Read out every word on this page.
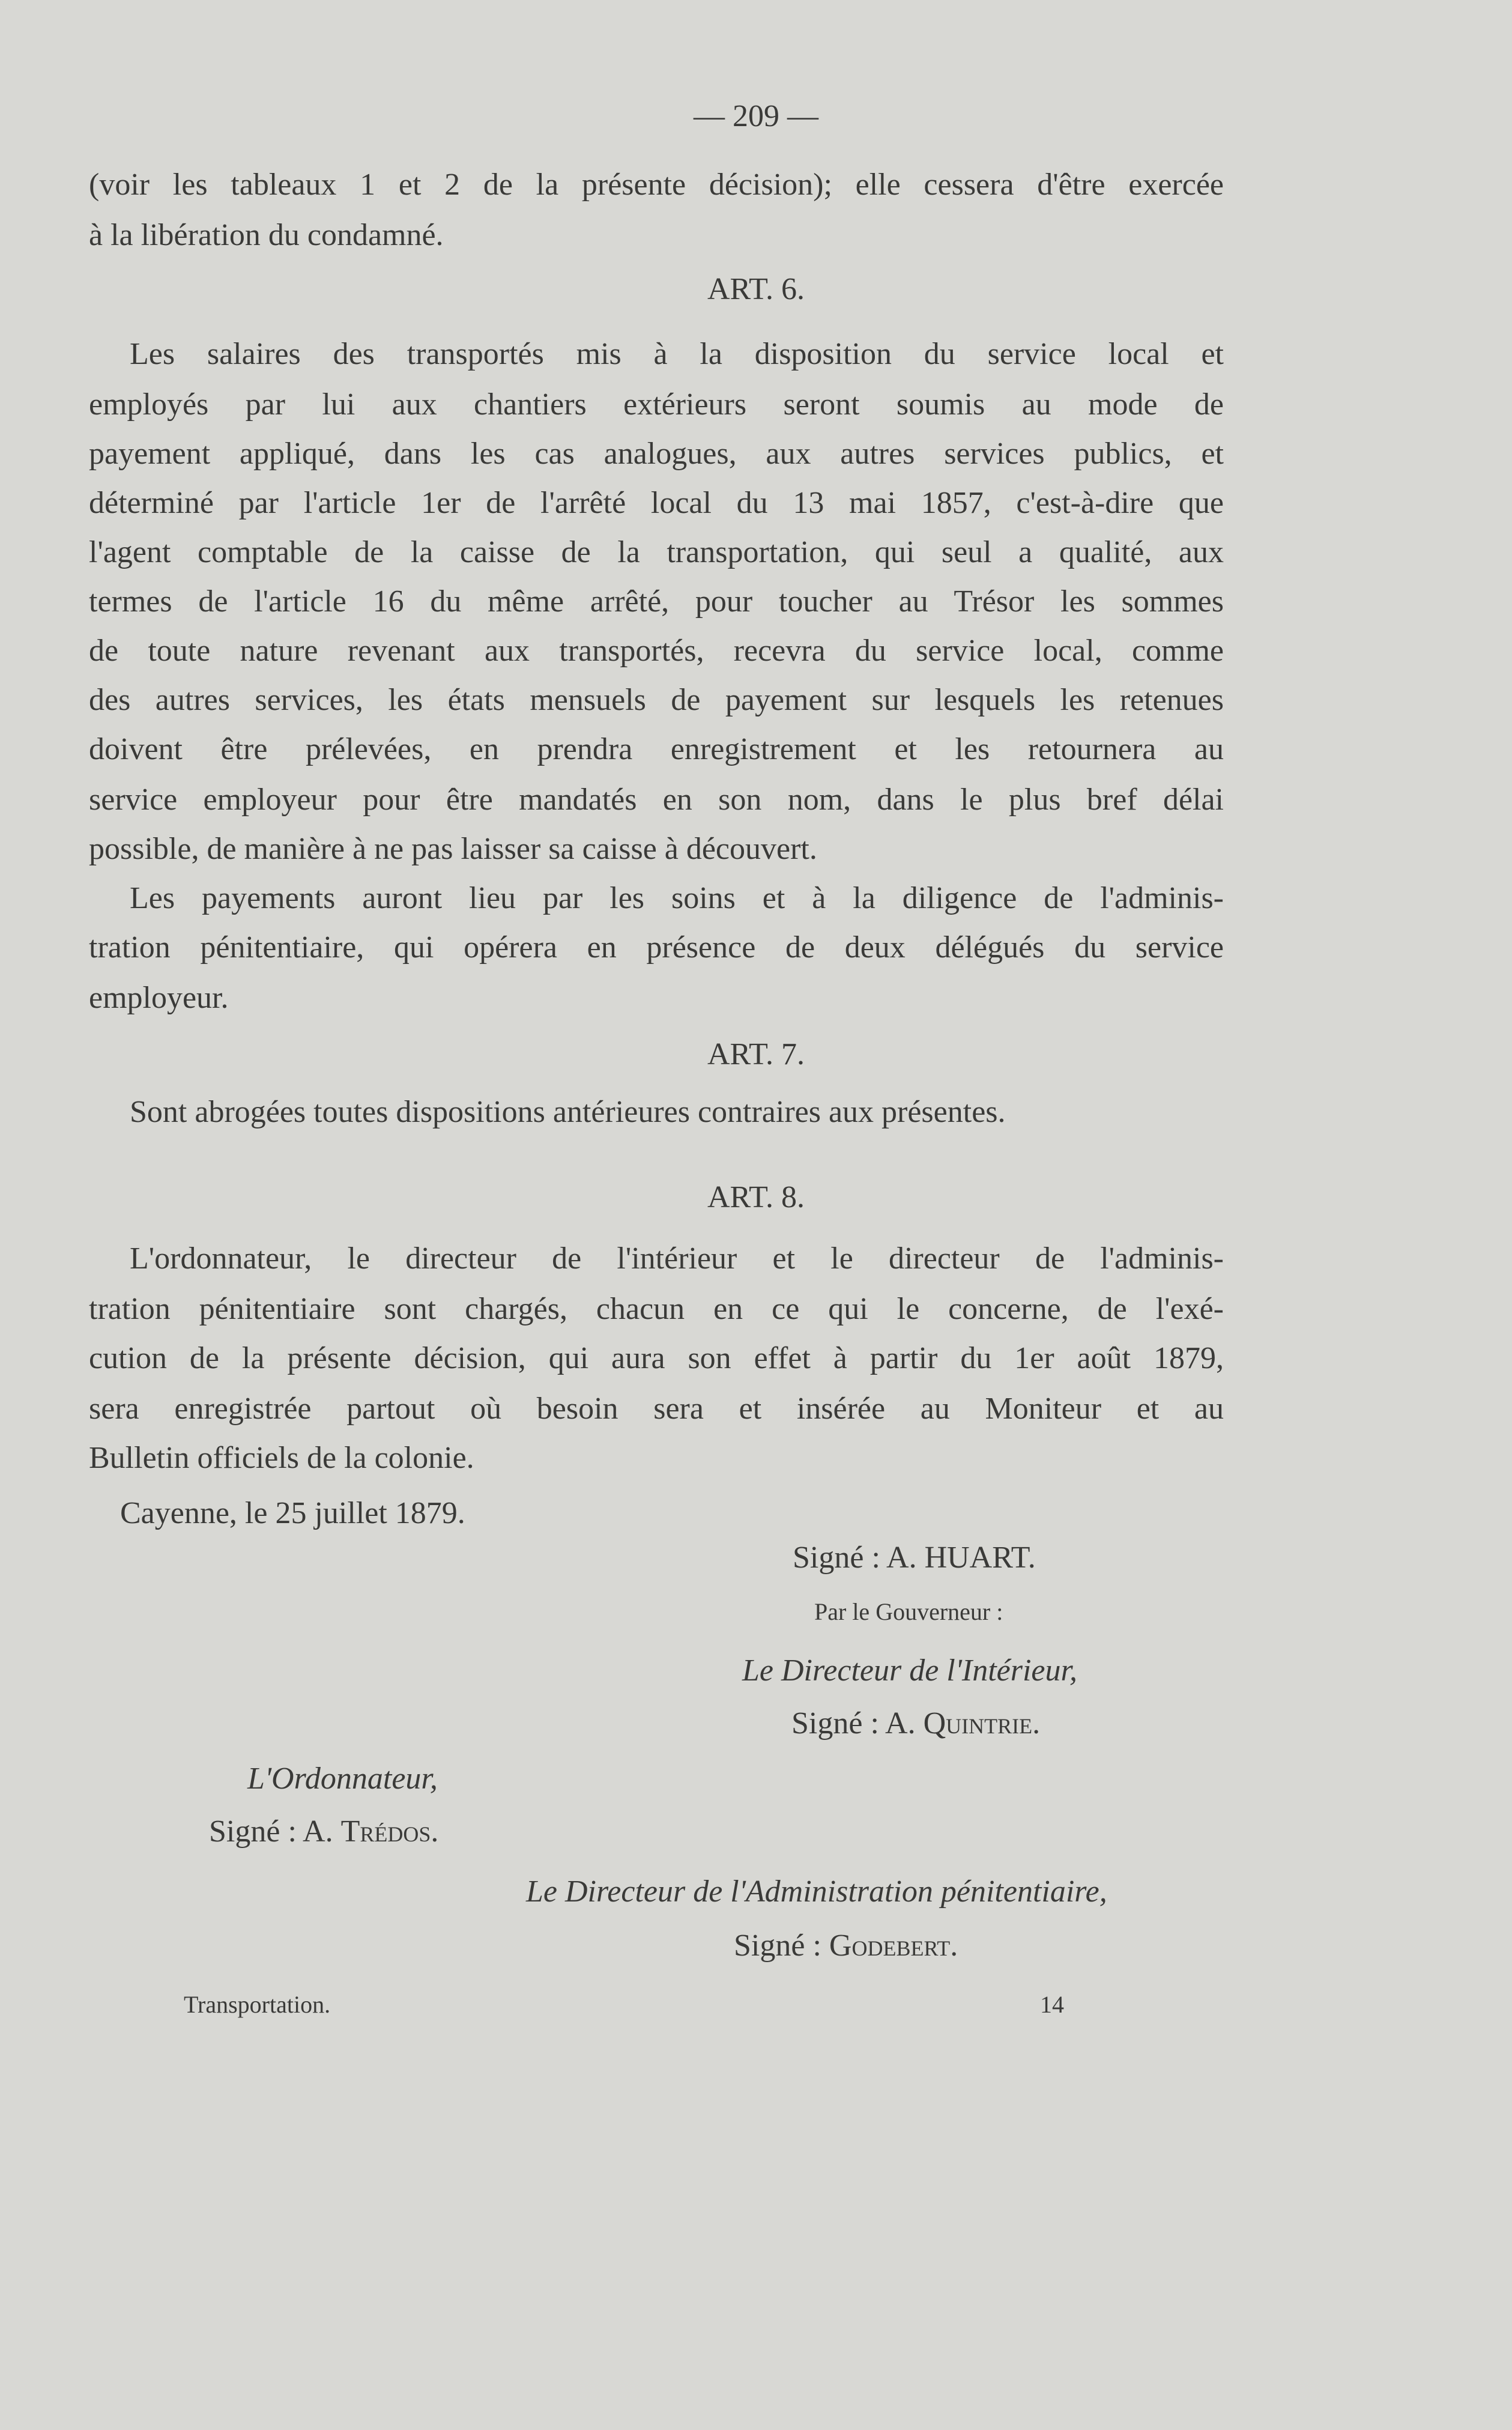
— 209 —

(voir les tableaux 1 et 2 de la présente décision); elle cessera d'être exercée

à la libération du condamné.

ART. 6.

Les salaires des transportés mis à la disposition du service local et

employés par lui aux chantiers extérieurs seront soumis au mode de

payement appliqué, dans les cas analogues, aux autres services publics, et

déterminé par l'article 1er de l'arrêté local du 13 mai 1857, c'est-à-dire que

l'agent comptable de la caisse de la transportation, qui seul a qualité, aux

termes de l'article 16 du même arrêté, pour toucher au Trésor les sommes

de toute nature revenant aux transportés, recevra du service local, comme

des autres services, les états mensuels de payement sur lesquels les retenues

doivent être prélevées, en prendra enregistrement et les retournera au

service employeur pour être mandatés en son nom, dans le plus bref délai

possible, de manière à ne pas laisser sa caisse à découvert.

Les payements auront lieu par les soins et à la diligence de l'adminis-

tration pénitentiaire, qui opérera en présence de deux délégués du service

employeur.

ART. 7.

Sont abrogées toutes dispositions antérieures contraires aux présentes.

ART. 8.

L'ordonnateur, le directeur de l'intérieur et le directeur de l'adminis-

tration pénitentiaire sont chargés, chacun en ce qui le concerne, de l'exé-

cution de la présente décision, qui aura son effet à partir du 1er août 1879,

sera enregistrée partout où besoin sera et insérée au Moniteur et au

Bulletin officiels de la colonie.

Cayenne, le 25 juillet 1879.

Signé : A. HUART.

Par le Gouverneur :

Le Directeur de l'Intérieur,

Signé : A. Quintrie.

L'Ordonnateur,

Signé : A. Trédos.

Le Directeur de l'Administration pénitentiaire,

Signé : Godebert.

Transportation.	14
